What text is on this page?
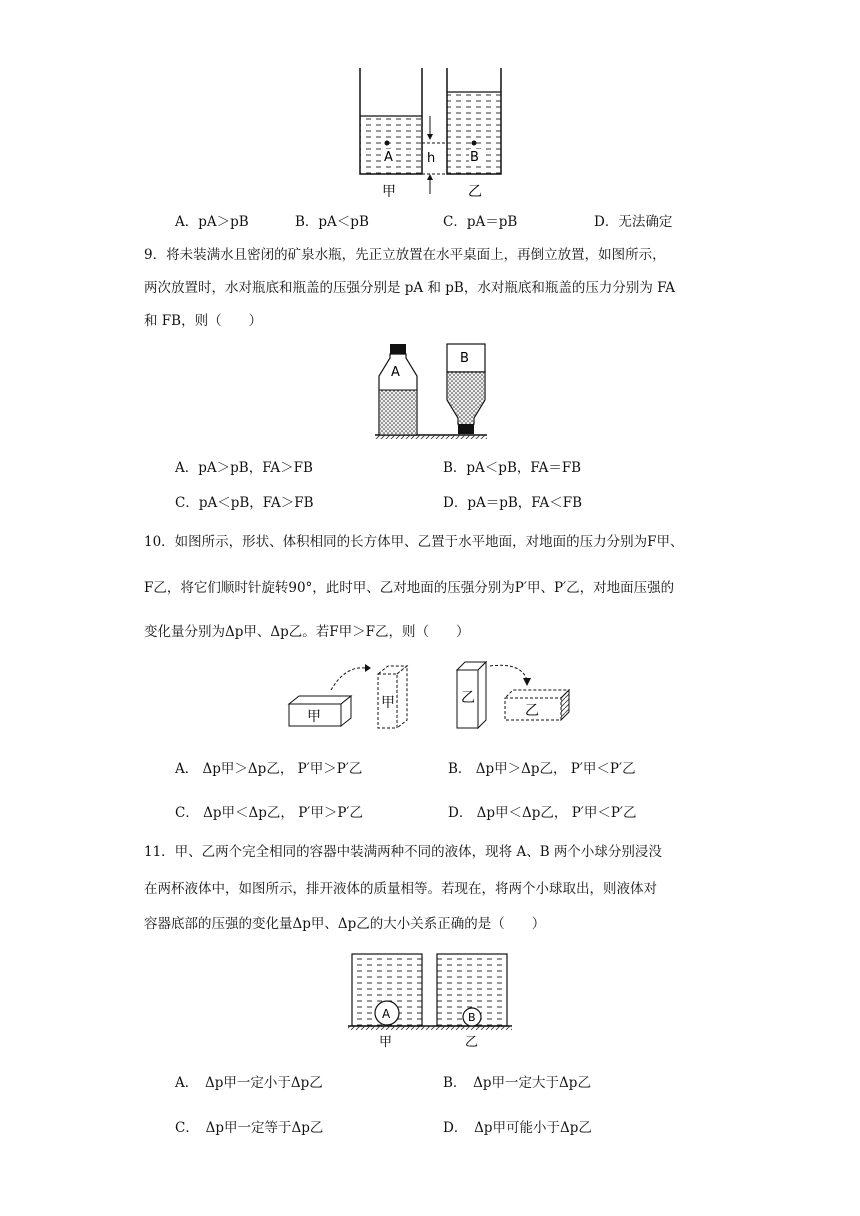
A	B
h
甲	乙
A．pA＞pB	B．pA＜pB	C．pA＝pB	D．无法确定
9．将未装满水且密闭的矿泉水瓶，先正立放置在水平桌面上，再倒立放置，如图所示，
两次放置时，水对瓶底和瓶盖的压强分别是 pA 和 pB，水对瓶底和瓶盖的压力分别为 FA
和 FB，则（　　）
A
B
A．pA＞pB，FA＞FB	B．pA＜pB，FA＝FB
C．pA＜pB，FA＞FB	D．pA＝pB，FA＜FB
10．如图所示，形状、体积相同的长方体甲、乙置于水平地面，对地面的压力分别为F甲、
F乙，将它们顺时针旋转90°，此时甲、乙对地面的压强分别为P′甲、P′乙，对地面压强的
变化量分别为Δp甲、Δp乙。若F甲＞F乙，则（　　）
甲
甲	乙
乙
A． Δp甲＞Δp乙， P′甲＞P′乙	B． Δp甲＞Δp乙， P′甲＜P′乙
C． Δp甲＜Δp乙， P′甲＞P′乙	D． Δp甲＜Δp乙， P′甲＜P′乙
11．甲、乙两个完全相同的容器中装满两种不同的液体，现将 A、B 两个小球分别浸没
在两杯液体中，如图所示，排开液体的质量相等。若现在，将两个小球取出，则液体对
容器底部的压强的变化量Δp甲、Δp乙的大小关系正确的是（　　）
A	B
甲	乙
A．　Δp甲一定小于Δp乙	B．　Δp甲一定大于Δp乙
C．　Δp甲一定等于Δp乙	D．　Δp甲可能小于Δp乙
